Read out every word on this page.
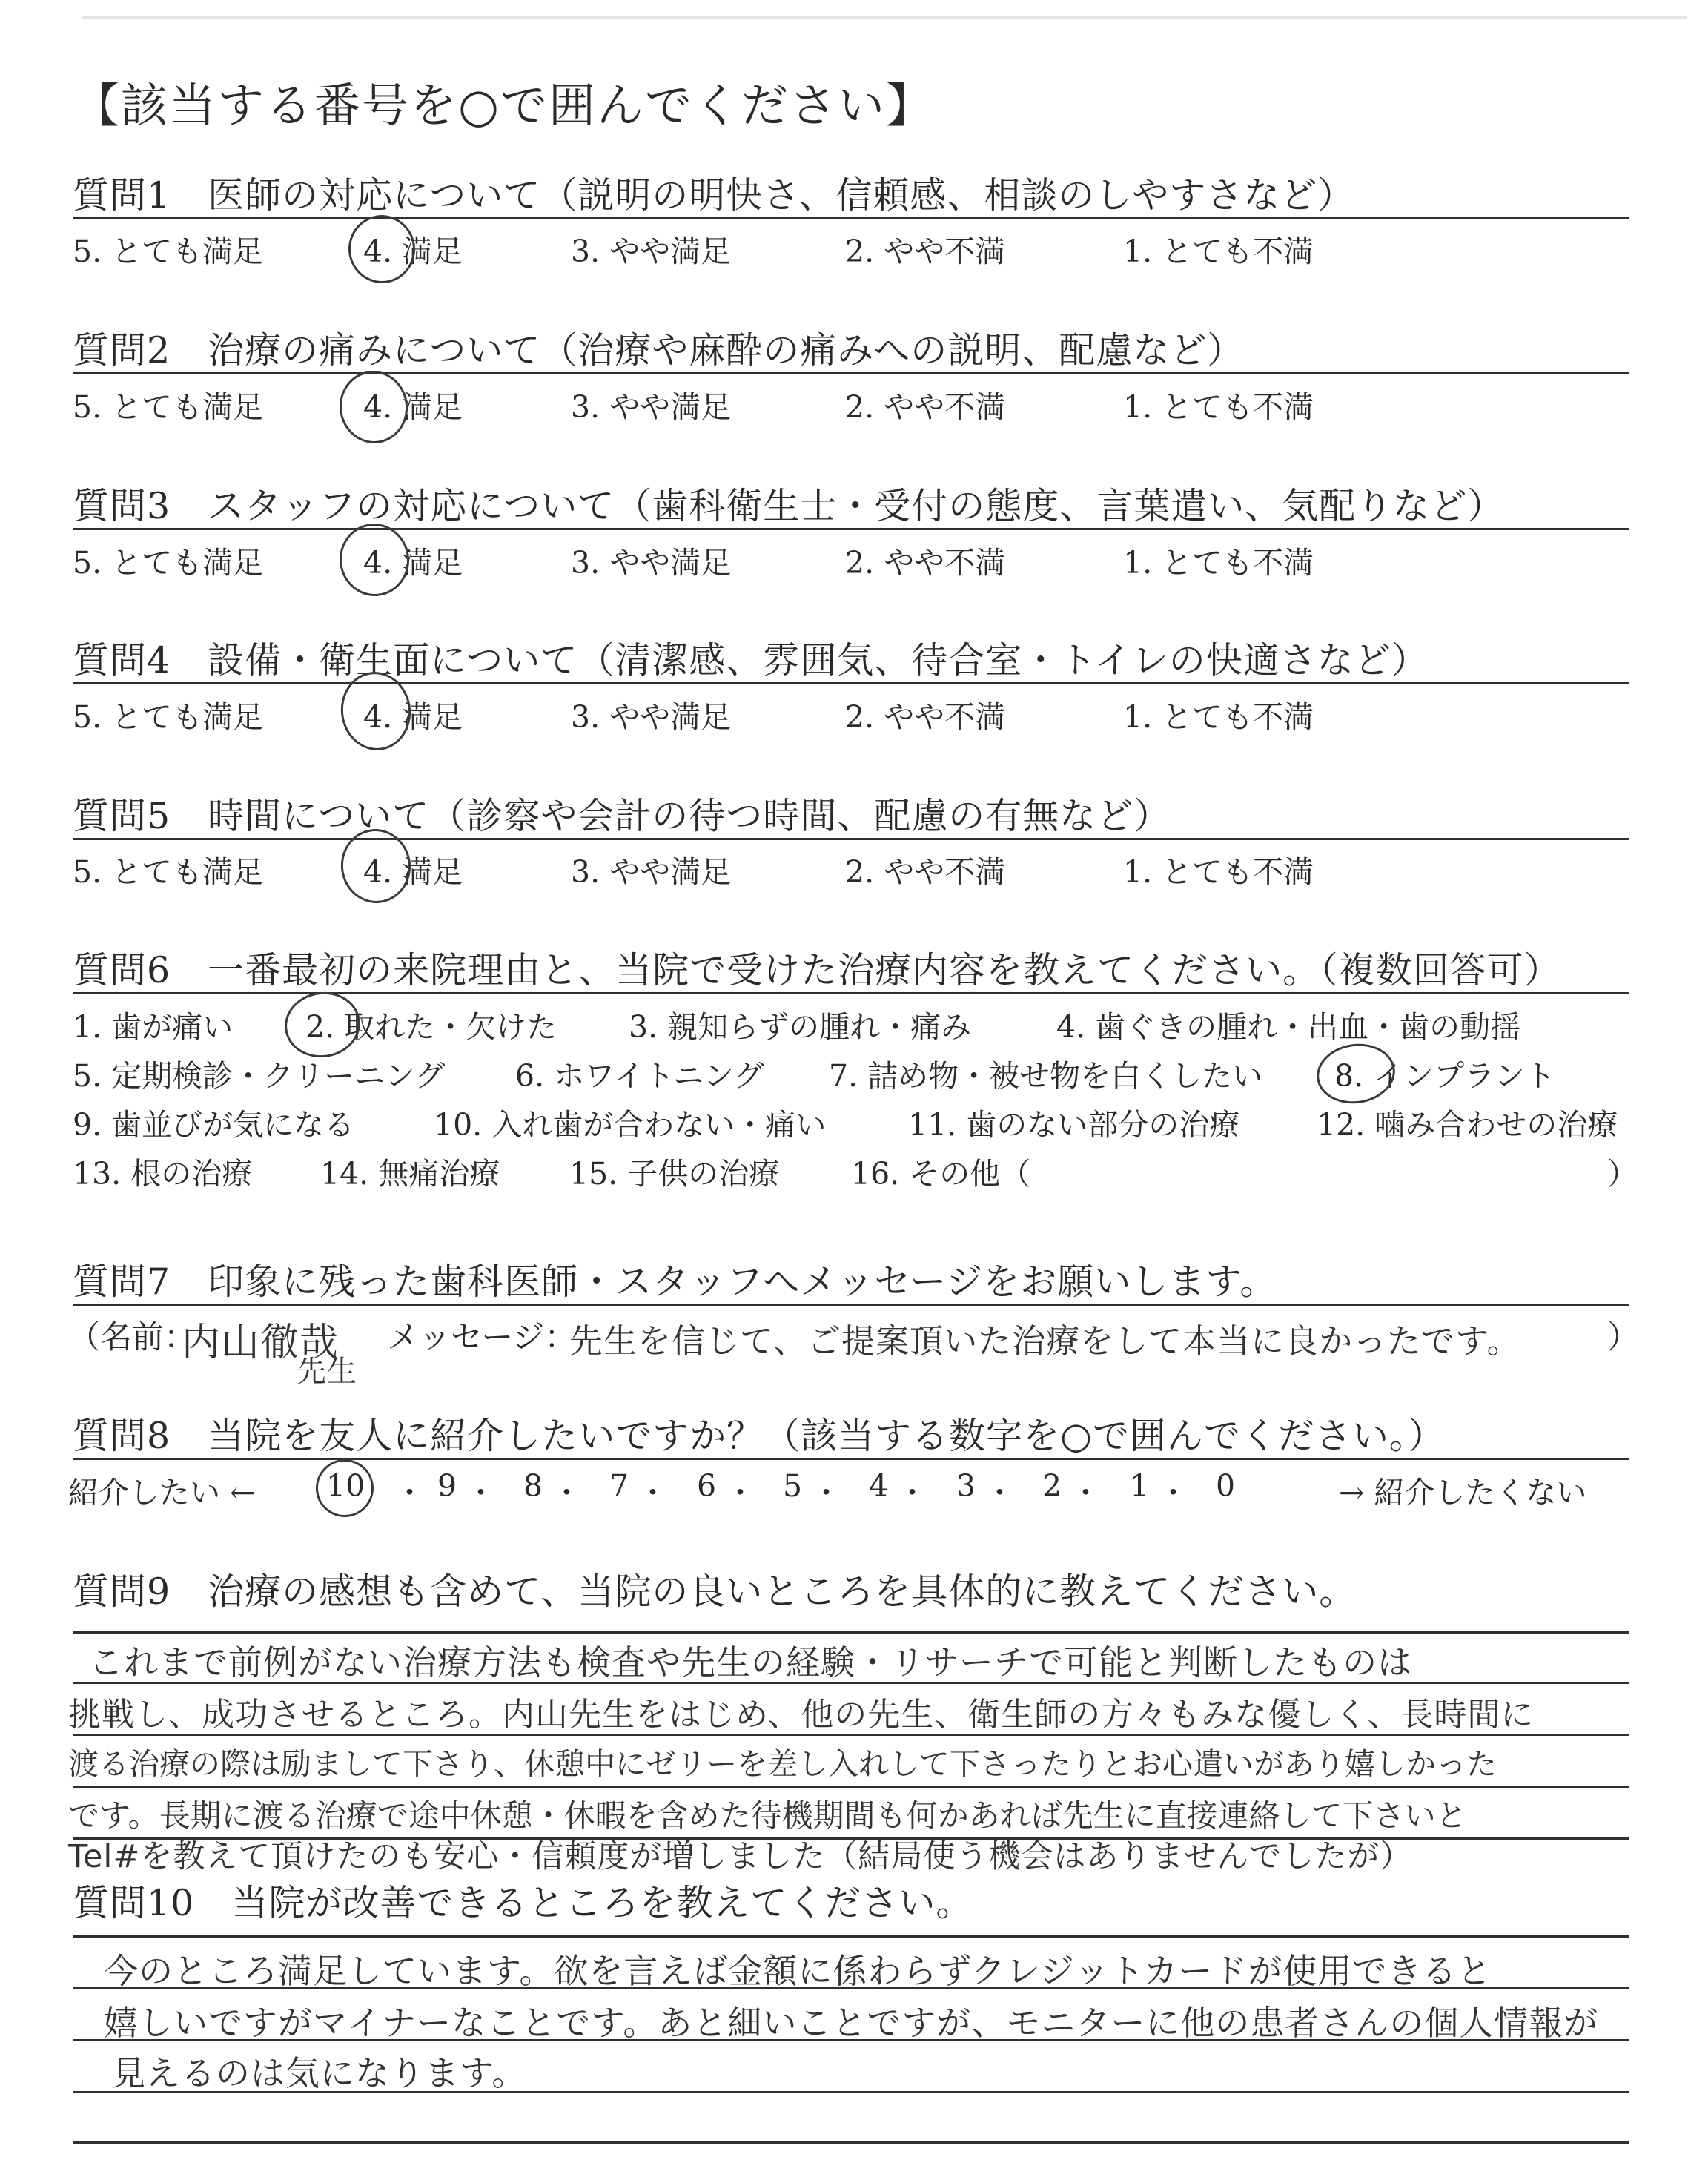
【該当する番号を○で囲んでください】
質問1　医師の対応について（説明の明快さ、信頼感、相談のしやすさなど）
5. とても満足	4. 満足	3. やや満足	2. やや不満	1. とても不満
質問2　治療の痛みについて（治療や麻酔の痛みへの説明、配慮など）
5. とても満足	4. 満足	3. やや満足	2. やや不満	1. とても不満
質問3　スタッフの対応について（歯科衛生士・受付の態度、言葉遣い、気配りなど）
5. とても満足	4. 満足	3. やや満足	2. やや不満	1. とても不満
質問4　設備・衛生面について（清潔感、雰囲気、待合室・トイレの快適さなど）
5. とても満足	4. 満足	3. やや満足	2. やや不満	1. とても不満
質問5　時間について（診察や会計の待つ時間、配慮の有無など）
5. とても満足	4. 満足	3. やや満足	2. やや不満	1. とても不満
質問6　一番最初の来院理由と、当院で受けた治療内容を教えてください。（複数回答可）
1. 歯が痛い 2. 取れた・欠けた 3. 親知らずの腫れ・痛み	4. 歯ぐきの腫れ・出血・歯の動揺
5. 定期検診・クリーニング 6. ホワイトニング 7. 詰め物・被せ物を白くしたい 8. インプラント
9. 歯並びが気になる	10. 入れ歯が合わない・痛い	11. 歯のない部分の治療	12. 噛み合わせの治療
13. 根の治療 14. 無痛治療 15. 子供の治療 16. その他（	）
質問7　印象に残った歯科医師・スタッフへメッセージをお願いします。
（名前：
内山徹哉
先生
メッセージ：
先生を信じて、ご提案頂いた治療をして本当に良かったです。	）
質問8　当院を友人に紹介したいですか？（該当する数字を○で囲んでください。）
紹介したい ← 10 ・ 9 ・ 8 ・ 7 ・ 6 ・ 5 ・ 4 ・ 3 ・ 2 ・ 1 ・ 0	→ 紹介したくない
質問9　治療の感想も含めて、当院の良いところを具体的に教えてください。
これまで前例がない治療方法も検査や先生の経験・リサーチで可能と判断したものは
挑戦し、成功させるところ。内山先生をはじめ、他の先生、衛生師の方々もみな優しく、長時間に
渡る治療の際は励まして下さり、休憩中にゼリーを差し入れして下さったりとお心遣いがあり嬉しかった
です。長期に渡る治療で途中休憩・休暇を含めた待機期間も何かあれば先生に直接連絡して下さいと
Tel#を教えて頂けたのも安心・信頼度が増しました（結局使う機会はありませんでしたが）
質問10　当院が改善できるところを教えてください。
今のところ満足しています。欲を言えば金額に係わらずクレジットカードが使用できると
嬉しいですがマイナーなことです。あと細いことですが、モニターに他の患者さんの個人情報が
見えるのは気になります。
